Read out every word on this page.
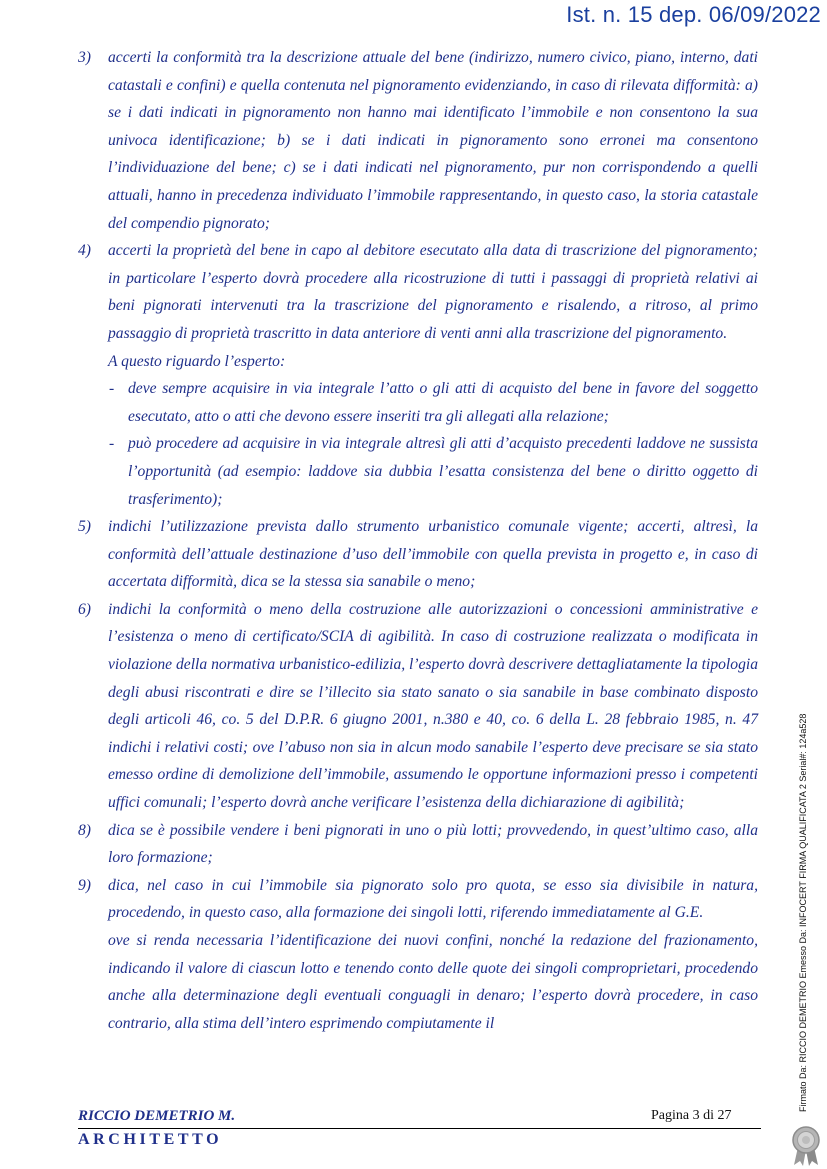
Ist. n. 15 dep. 06/09/2022
3) accerti la conformità tra la descrizione attuale del bene (indirizzo, numero civico, piano, interno, dati catastali e confini) e quella contenuta nel pignoramento evidenziando, in caso di rilevata difformità: a) se i dati indicati in pignoramento non hanno mai identificato l’immobile e non consentono la sua univoca identificazione; b) se i dati indicati in pignoramento sono erronei ma consentono l’individuazione del bene; c) se i dati indicati nel pignoramento, pur non corrispondendo a quelli attuali, hanno in precedenza individuato l’immobile rappresentando, in questo caso, la storia catastale del compendio pignorato;
4) accerti la proprietà del bene in capo al debitore esecutato alla data di trascrizione del pignoramento; in particolare l’esperto dovrà procedere alla ricostruzione di tutti i passaggi di proprietà relativi ai beni pignorati intervenuti tra la trascrizione del pignoramento e risalendo, a ritroso, al primo passaggio di proprietà trascritto in data anteriore di venti anni alla trascrizione del pignoramento.
A questo riguardo l’esperto:
- deve sempre acquisire in via integrale l’atto o gli atti di acquisto del bene in favore del soggetto esecutato, atto o atti che devono essere inseriti tra gli allegati alla relazione;
- può procedere ad acquisire in via integrale altresì gli atti d’acquisto precedenti laddove ne sussista l’opportunità (ad esempio: laddove sia dubbia l’esatta consistenza del bene o diritto oggetto di trasferimento);
5) indichi l’utilizzazione prevista dallo strumento urbanistico comunale vigente; accerti, altresì, la conformità dell’attuale destinazione d’uso dell’immobile con quella prevista in progetto e, in caso di accertata difformità, dica se la stessa sia sanabile o meno;
6) indichi la conformità o meno della costruzione alle autorizzazioni o concessioni amministrative e l’esistenza o meno di certificato/SCIA di agibilità. In caso di costruzione realizzata o modificata in violazione della normativa urbanistico-edilizia, l’esperto dovrà descrivere dettagliatamente la tipologia degli abusi riscontrati e dire se l’illecito sia stato sanato o sia sanabile in base combinato disposto degli articoli 46, co. 5 del D.P.R. 6 giugno 2001, n.380 e 40, co. 6 della L. 28 febbraio 1985, n. 47 indichi i relativi costi; ove l’abuso non sia in alcun modo sanabile l’esperto deve precisare se sia stato emesso ordine di demolizione dell’immobile, assumendo le opportune informazioni presso i competenti uffici comunali; l’esperto dovrà anche verificare l’esistenza della dichiarazione di agibilità;
8) dica se è possibile vendere i beni pignorati in uno o più lotti; provvedendo, in quest’ultimo caso, alla loro formazione;
9) dica, nel caso in cui l’immobile sia pignorato solo pro quota, se esso sia divisibile in natura, procedendo, in questo caso, alla formazione dei singoli lotti, riferendo immediatamente al G.E.
ove si renda necessaria l’identificazione dei nuovi confini, nonché la redazione del frazionamento, indicando il valore di ciascun lotto e tenendo conto delle quote dei singoli comproprietari, procedendo anche alla determinazione degli eventuali conguagli in denaro; l’esperto dovrà procedere, in caso contrario, alla stima dell’intero esprimendo compiutamente il	Firmato Da: RICCIO DEMETRIO Emesso Da: INFOCERT FIRMA QUALIFICATA 2 Serial#: 124a528
RICCIO DEMETRIO M.	Pagina 3 di 27
ARCHITETTO
